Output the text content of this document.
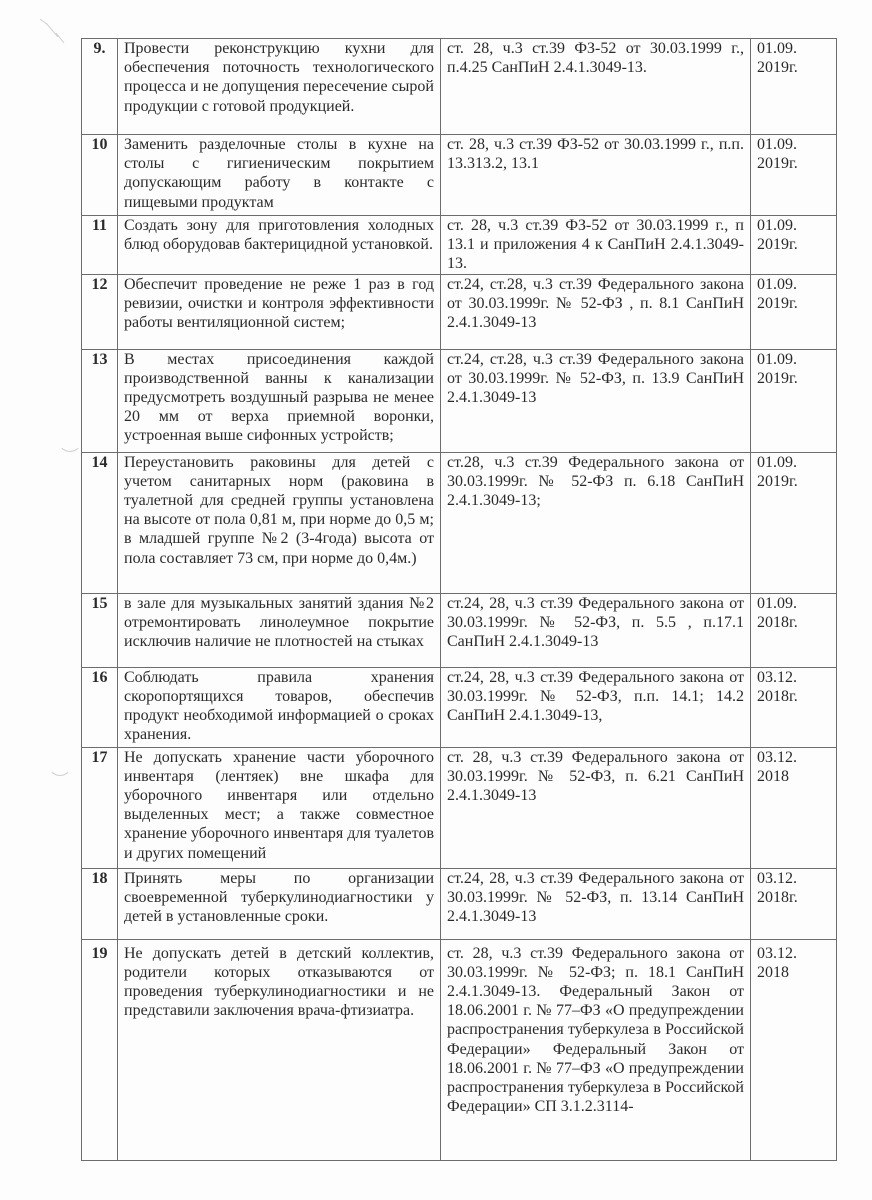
9.	Провести реконструкцию кухни для обеспечения поточность технологического процесса и не допущения пересечение сырой продукции с готовой продукцией.	ст. 28, ч.3 ст.39 ФЗ-52 от 30.03.1999 г., п.4.25 СанПиН 2.4.1.3049-13.	01.09. 2019г.
10	Заменить разделочные столы в кухне на столы с гигиеническим покрытием допускающим работу в контакте с пищевыми продуктам	ст. 28, ч.3 ст.39 ФЗ-52 от 30.03.1999 г., п.п. 13.313.2, 13.1	01.09. 2019г.
11	Создать зону для приготовления холодных блюд оборудовав бактерицидной установкой.	ст. 28, ч.3 ст.39 ФЗ-52 от 30.03.1999 г., п 13.1 и приложения 4 к СанПиН 2.4.1.3049-13.	01.09. 2019г.
12	Обеспечит проведение не реже 1 раз в год ревизии, очистки и контроля эффективности работы вентиляционной систем;	ст.24, ст.28, ч.3 ст.39 Федерального закона от 30.03.1999г. № 52-ФЗ , п. 8.1 СанПиН 2.4.1.3049-13	01.09. 2019г.
13	В местах присоединения каждой производственной ванны к канализации предусмотреть воздушный разрыва не менее 20 мм от верха приемной воронки, устроенная выше сифонных устройств;	ст.24, ст.28, ч.3 ст.39 Федерального закона от 30.03.1999г. № 52-ФЗ, п. 13.9 СанПиН 2.4.1.3049-13	01.09. 2019г.
14	Переустановить раковины для детей с учетом санитарных норм (раковина в туалетной для средней группы установлена на высоте от пола 0,81 м, при норме до 0,5 м; в младшей группе №2 (3-4года) высота от пола составляет 73 см, при норме до 0,4м.)	ст.28, ч.3 ст.39 Федерального закона от 30.03.1999г. № 52-ФЗ п. 6.18 СанПиН 2.4.1.3049-13;	01.09. 2019г.
15	в зале для музыкальных занятий здания №2 отремонтировать линолеумное покрытие исключив наличие не плотностей на стыках	ст.24, 28, ч.3 ст.39 Федерального закона от 30.03.1999г. № 52-ФЗ, п. 5.5 , п.17.1 СанПиН 2.4.1.3049-13	01.09. 2018г.
16	Соблюдать правила хранения скоропортящихся товаров, обеспечив продукт необходимой информацией о сроках хранения.	ст.24, 28, ч.3 ст.39 Федерального закона от 30.03.1999г. № 52-ФЗ, п.п. 14.1; 14.2 СанПиН 2.4.1.3049-13,	03.12. 2018г.
17	Не допускать хранение части уборочного инвентаря (лентяек) вне шкафа для уборочного инвентаря или отдельно выделенных мест; а также совместное хранение уборочного инвентаря для туалетов и других помещений	ст. 28, ч.3 ст.39 Федерального закона от 30.03.1999г. № 52-ФЗ, п. 6.21 СанПиН 2.4.1.3049-13	03.12. 2018
18	Принять меры по организации своевременной туберкулинодиагностики у детей в установленные сроки.	ст.24, 28, ч.3 ст.39 Федерального закона от 30.03.1999г. № 52-ФЗ, п. 13.14 СанПиН 2.4.1.3049-13	03.12. 2018г.
19	Не допускать детей в детский коллектив, родители которых отказываются от проведения туберкулинодиагностики и не представили заключения врача-фтизиатра.	ст. 28, ч.3 ст.39 Федерального закона от 30.03.1999г. № 52-ФЗ; п. 18.1 СанПиН 2.4.1.3049-13. Федеральный Закон от 18.06.2001 г. № 77–ФЗ «О предупреждении распространения туберкулеза в Российской Федерации» Федеральный Закон от 18.06.2001 г. № 77–ФЗ «О предупреждении распространения туберкулеза в Российской Федерации» СП 3.1.2.3114-	03.12. 2018
